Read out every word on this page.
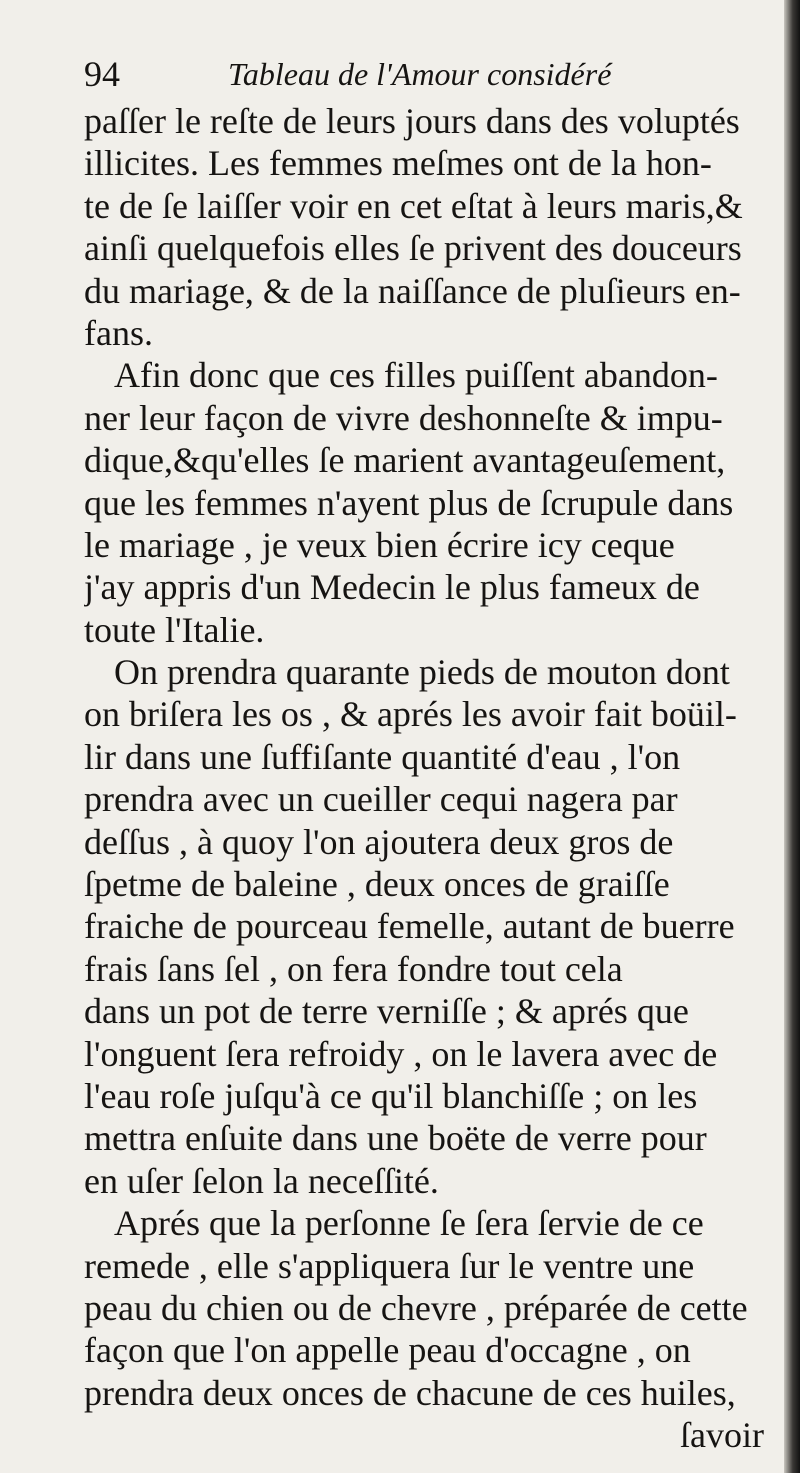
94	Tableau de l'Amour considéré
paſſer le reſte de leurs jours dans des voluptés
illicites. Les femmes meſmes ont de la hon-
te de ſe laiſſer voir en cet eſtat à leurs maris,&
ainſi quelquefois elles ſe privent des douceurs
du mariage, & de la naiſſance de pluſieurs en-
fans.
Afin donc que ces filles puiſſent abandon-
ner leur façon de vivre deshonneſte & impu-
dique,&qu'elles ſe marient avantageuſement,
que les femmes n'ayent plus de ſcrupule dans
le mariage , je veux bien écrire icy ceque
j'ay appris d'un Medecin le plus fameux de
toute l'Italie.
On prendra quarante pieds de mouton dont
on briſera les os , & aprés les avoir fait boüil-
lir dans une ſuffiſante quantité d'eau , l'on
prendra avec un cueiller cequi nagera par
deſſus , à quoy l'on ajoutera deux gros de
ſpetme de baleine , deux onces de graiſſe
fraiche de pourceau femelle, autant de buerre
frais ſans ſel , on fera fondre tout cela
dans un pot de terre verniſſe ; & aprés que
l'onguent ſera refroidy , on le lavera avec de
l'eau roſe juſqu'à ce qu'il blanchiſſe ; on les
mettra enſuite dans une boëte de verre pour
en uſer ſelon la neceſſité.
Aprés que la perſonne ſe ſera ſervie de ce
remede , elle s'appliquera ſur le ventre une
peau du chien ou de chevre , préparée de cette
façon que l'on appelle peau d'occagne , on
prendra deux onces de chacune de ces huiles,
ſavoir
